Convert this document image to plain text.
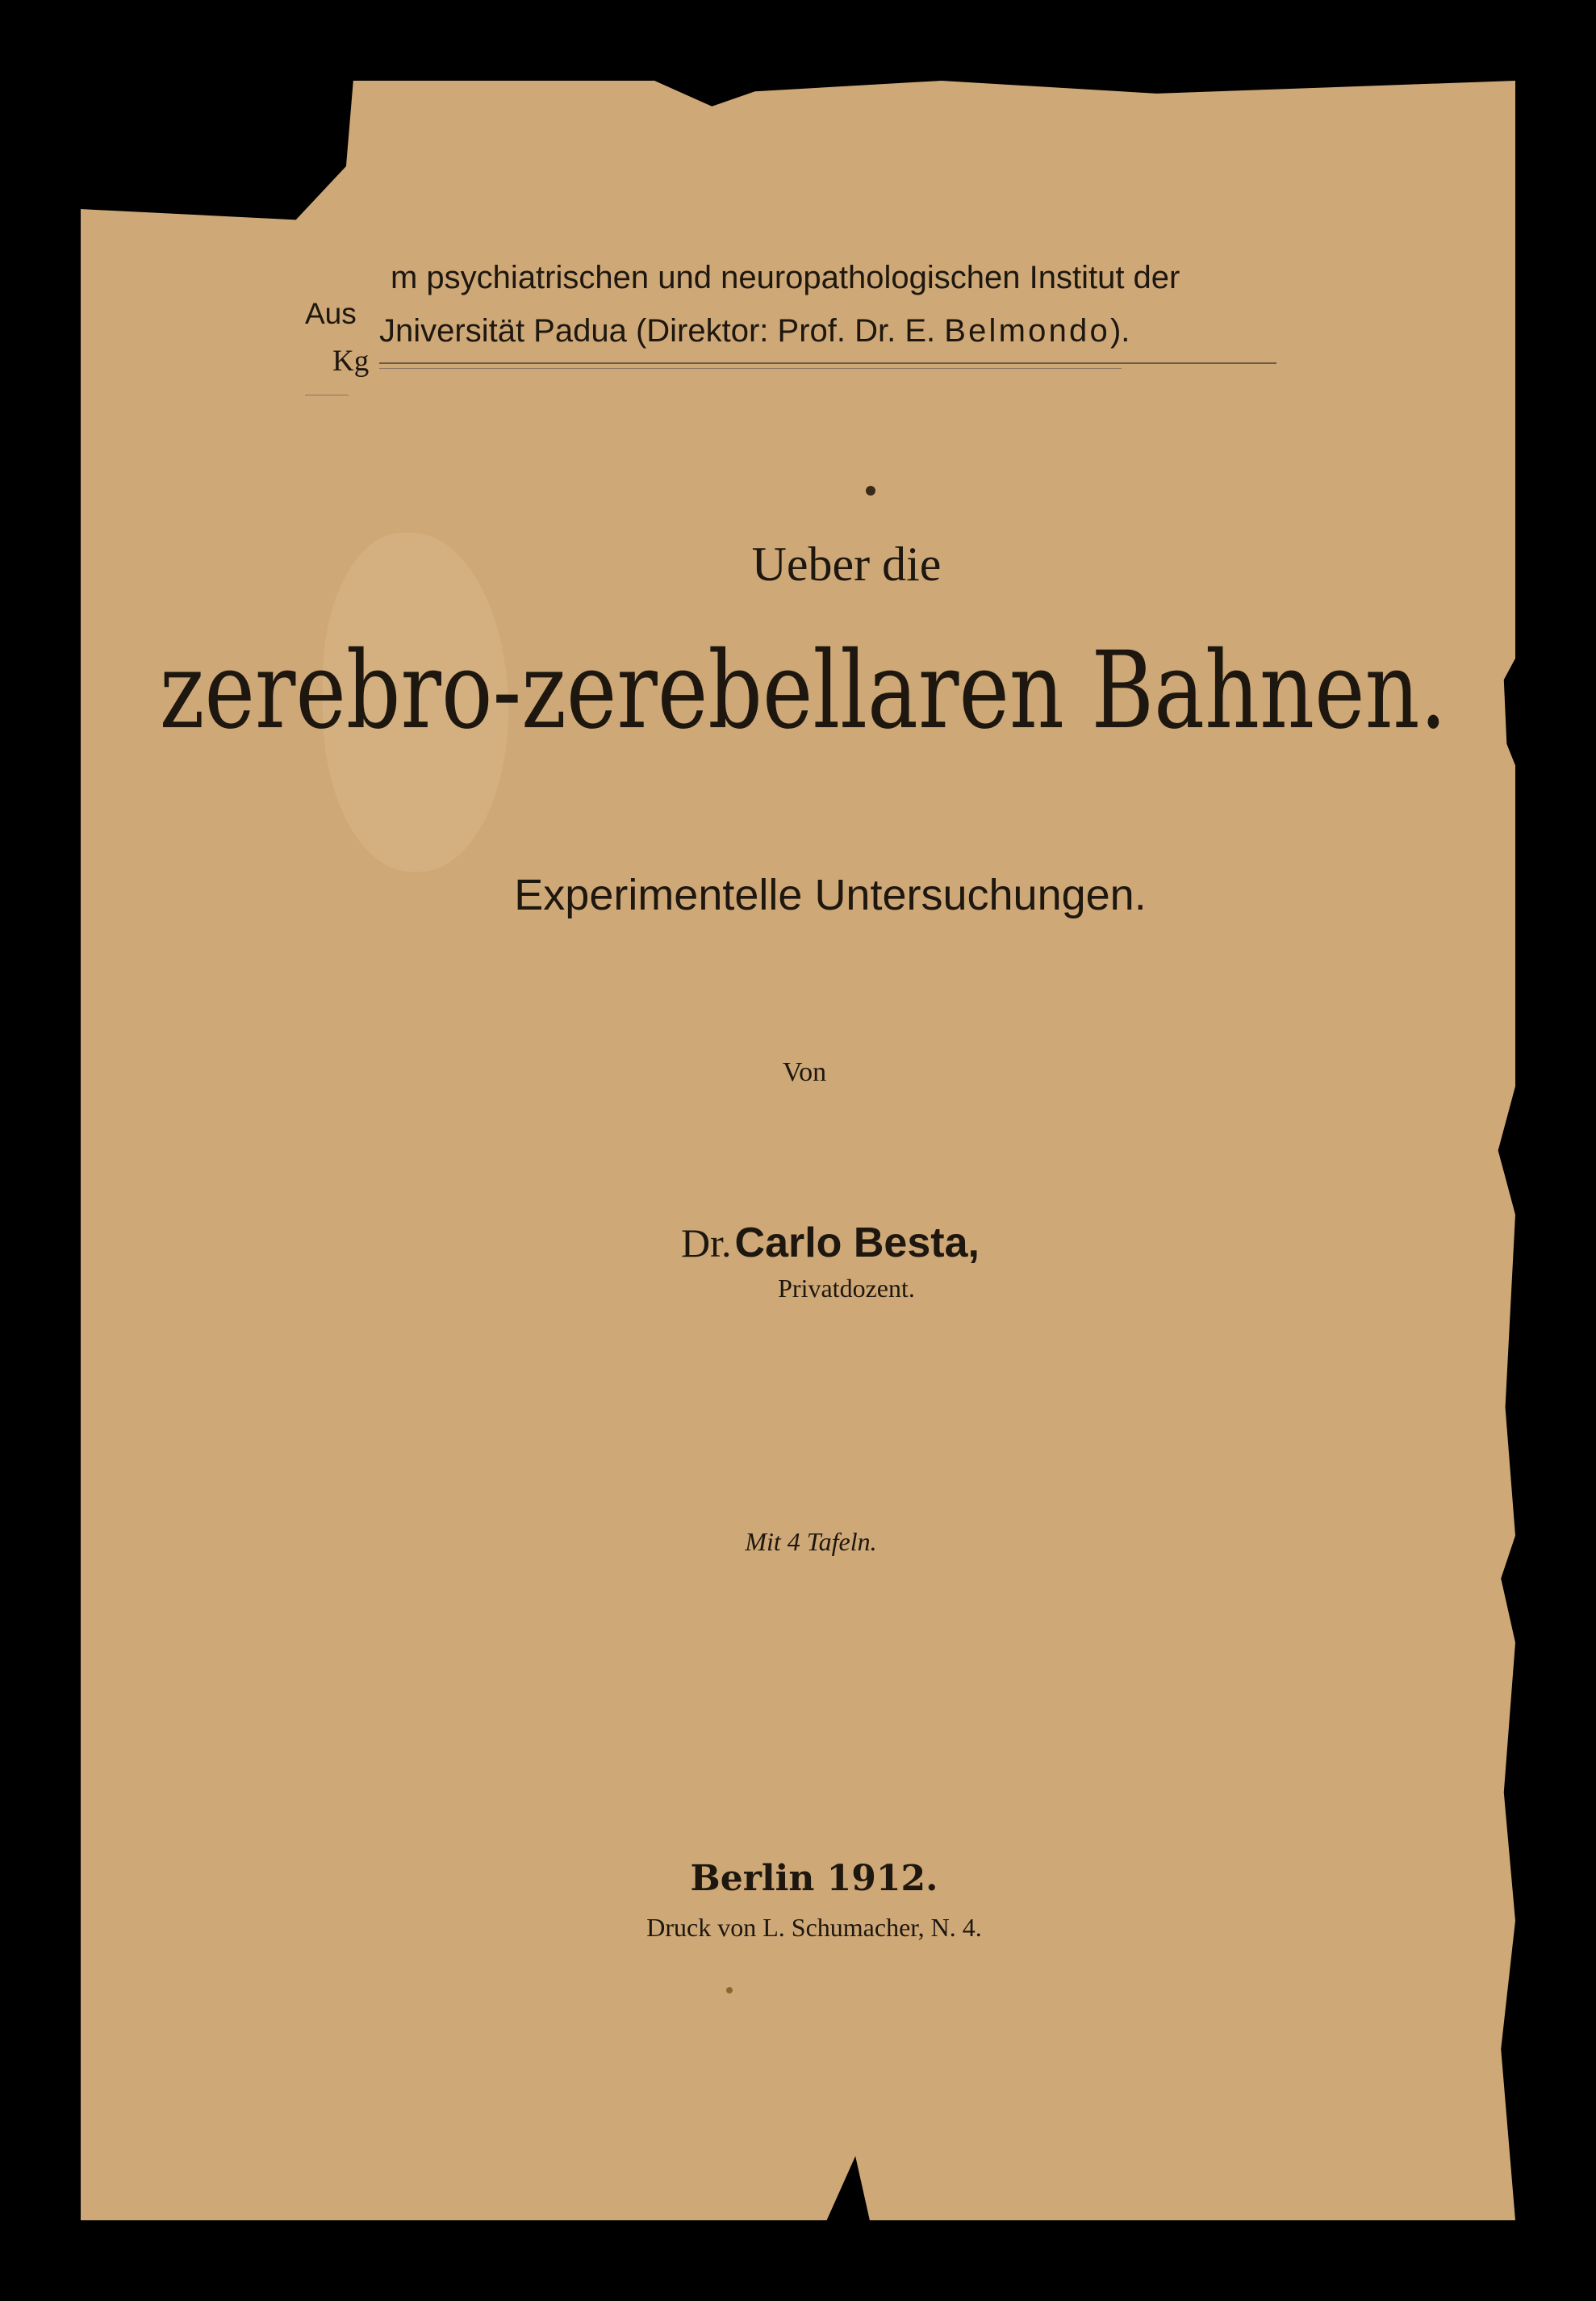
Aus
Kg
m psychiatrischen und neuropathologischen Institut der
Jniversität Padua (Direktor: Prof. Dr. E. Belmondo).
Ueber die
zerebro-zerebellaren Bahnen.
Experimentelle Untersuchungen.
Von
Dr. Carlo Besta,
Privatdozent.
Mit 4 Tafeln.
Berlin 1912.
Druck von L. Schumacher, N. 4.
